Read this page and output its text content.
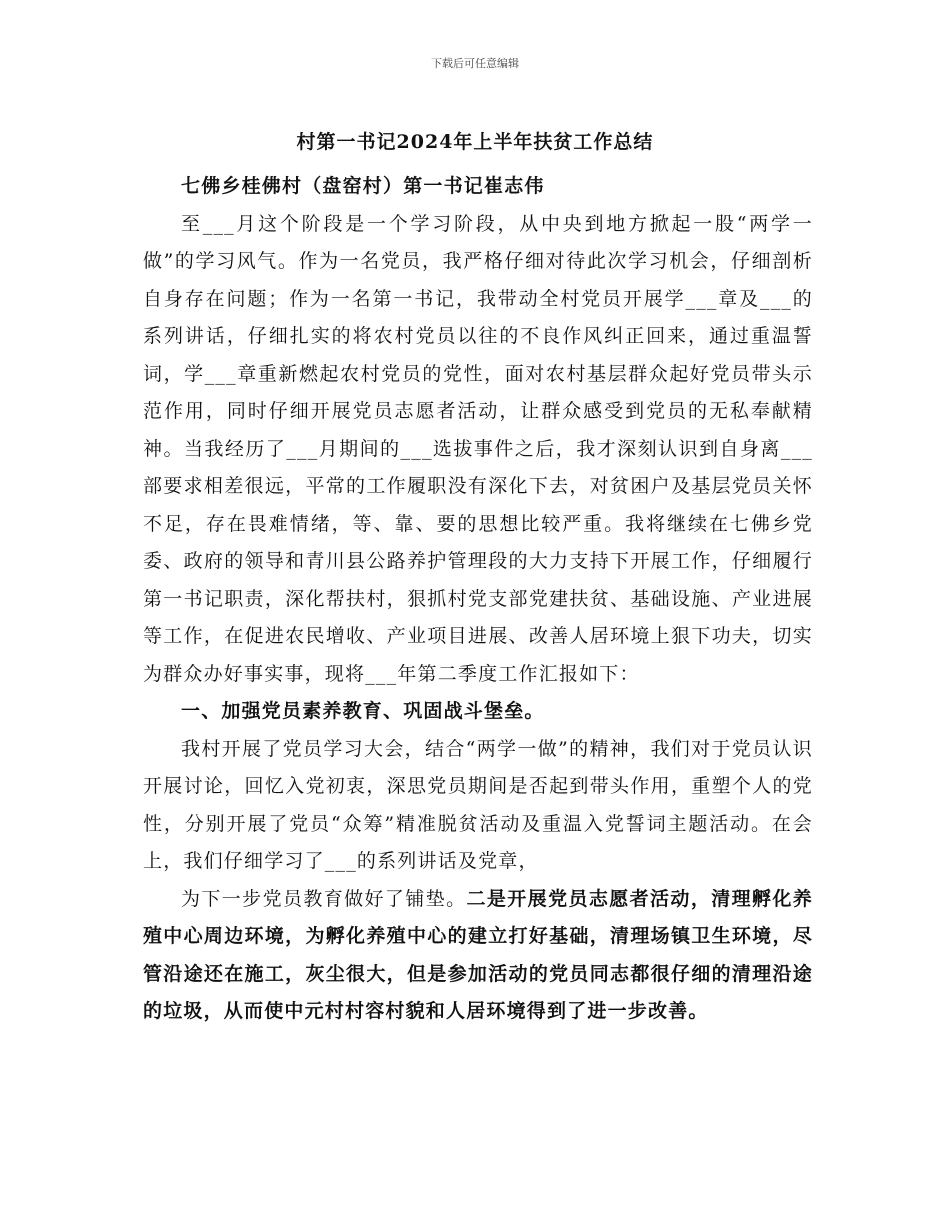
下载后可任意编辑
村第一书记2024年上半年扶贫工作总结

七佛乡桂佛村（盘窑村）第一书记崔志伟

至___月这个阶段是一个学习阶段，从中央到地方掀起一股“两学一做”的学习风气。作为一名党员，我严格仔细对待此次学习机会，仔细剖析自身存在问题；作为一名第一书记，我带动全村党员开展学___章及___的系列讲话，仔细扎实的将农村党员以往的不良作风纠正回来，通过重温誓词，学___章重新燃起农村党员的党性，面对农村基层群众起好党员带头示范作用，同时仔细开展党员志愿者活动，让群众感受到党员的无私奉献精神。当我经历了___月期间的___选拔事件之后，我才深刻认识到自身离___部要求相差很远，平常的工作履职没有深化下去，对贫困户及基层党员关怀不足，存在畏难情绪，等、靠、要的思想比较严重。我将继续在七佛乡党委、政府的领导和青川县公路养护管理段的大力支持下开展工作，仔细履行第一书记职责，深化帮扶村，狠抓村党支部党建扶贫、基础设施、产业进展等工作，在促进农民增收、产业项目进展、改善人居环境上狠下功夫，切实为群众办好事实事，现将___年第二季度工作汇报如下：

一、加强党员素养教育、巩固战斗堡垒。

我村开展了党员学习大会，结合“两学一做”的精神，我们对于党员认识开展讨论，回忆入党初衷，深思党员期间是否起到带头作用，重塑个人的党性，分别开展了党员“众筹”精准脱贫活动及重温入党誓词主题活动。在会上，我们仔细学习了___的系列讲话及党章，

为下一步党员教育做好了铺垫。二是开展党员志愿者活动，清理孵化养殖中心周边环境，为孵化养殖中心的建立打好基础，清理场镇卫生环境，尽管沿途还在施工，灰尘很大，但是参加活动的党员同志都很仔细的清理沿途的垃圾，从而使中元村村容村貌和人居环境得到了进一步改善。
